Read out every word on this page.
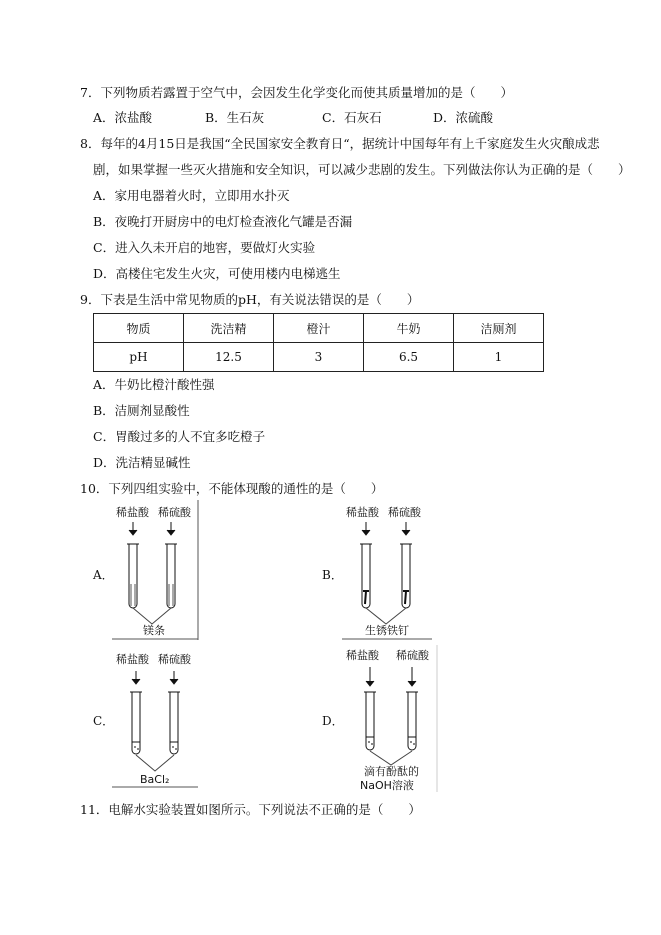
7．下列物质若露置于空气中，会因发生化学变化而使其质量增加的是（　　）
A．浓盐酸	B．生石灰	C．石灰石	D．浓硫酸
8．每年的4月15日是我国“全民国家安全教育日“，据统计中国每年有上千家庭发生火灾酿成悲
剧，如果掌握一些灭火措施和安全知识，可以减少悲剧的发生。下列做法你认为正确的是（　　）
A．家用电器着火时，立即用水扑灭
B．夜晚打开厨房中的电灯检查液化气罐是否漏
C．进入久未开启的地窖，要做灯火实验
D．高楼住宅发生火灾，可使用楼内电梯逃生
9．下表是生活中常见物质的pH，有关说法错误的是（　　）
物质	洗洁精	橙汁	牛奶	洁厕剂
pH	12.5	3	6.5	1
A．牛奶比橙汁酸性强
B．洁厕剂显酸性
C．胃酸过多的人不宜多吃橙子
D．洗洁精显碱性
10．下列四组实验中，不能体现酸的通性的是（　　）
A．
稀盐酸 稀硫酸
镁条
B．
稀盐酸 稀硫酸
生锈铁钉
C．
稀盐酸 稀硫酸
BaCl₂
D．
稀盐酸 稀硫酸
滴有酚酞的
NaOH溶液
11．电解水实验装置如图所示。下列说法不正确的是（　　）
